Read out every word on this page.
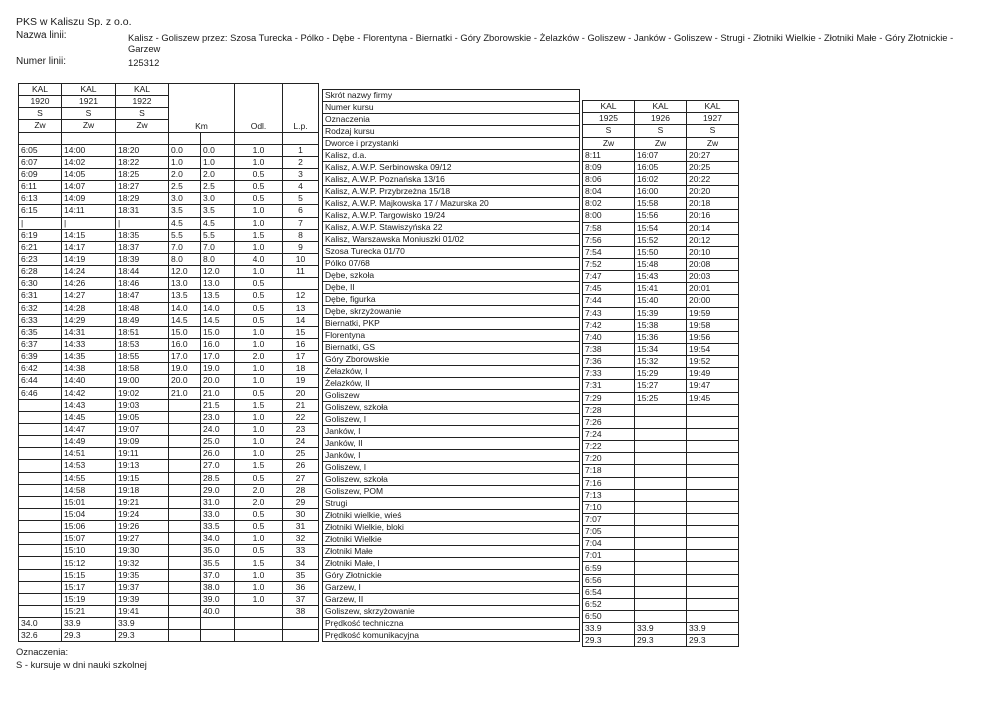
PKS w Kaliszu Sp. z o.o.
Nazwa linii:	Kalisz - Goliszew przez: Szosa Turecka - Pólko - Dębe - Florentyna - Biernatki - Góry Zborowskie - Żelazków - Goliszew - Janków - Goliszew - Strugi - Złotniki Wielkie - Złotniki Małe - Góry Złotnickie - Garzew
Numer linii:	125312
KAL	KAL	KAL	Km		Odl.	L.p.
1920	1921	1922				
S	S	S				
Zw	Zw	Zw				

6:05	14:00	18:20	0.0	0.0	1.0	1
6:07	14:02	18:22	1.0	1.0	1.0	2
6:09	14:05	18:25	2.0	2.0	0.5	3
6:11	14:07	18:27	2.5	2.5	0.5	4
6:13	14:09	18:29	3.0	3.0	0.5	5
6:15	14:11	18:31	3.5	3.5	1.0	6
|	|	|	4.5	4.5	1.0	7
6:19	14:15	18:35	5.5	5.5	1.5	8
6:21	14:17	18:37	7.0	7.0	1.0	9
6:23	14:19	18:39	8.0	8.0	4.0	10
6:28	14:24	18:44	12.0	12.0	1.0	11
6:30	14:26	18:46	13.0	13.0	0.5	
6:31	14:27	18:47	13.5	13.5	0.5	12
6:32	14:28	18:48	14.0	14.0	0.5	13
6:33	14:29	18:49	14.5	14.5	0.5	14
6:35	14:31	18:51	15.0	15.0	1.0	15
6:37	14:33	18:53	16.0	16.0	1.0	16
6:39	14:35	18:55	17.0	17.0	2.0	17
6:42	14:38	18:58	19.0	19.0	1.0	18
6:44	14:40	19:00	20.0	20.0	1.0	19
6:46	14:42	19:02	21.0	21.0	0.5	20
	14:43	19:03		21.5	1.5	21
	14:45	19:05		23.0	1.0	22
	14:47	19:07		24.0	1.0	23
	14:49	19:09		25.0	1.0	24
	14:51	19:11		26.0	1.0	25
	14:53	19:13		27.0	1.5	26
	14:55	19:15		28.5	0.5	27
	14:58	19:18		29.0	2.0	28
	15:01	19:21		31.0	2.0	29
	15:04	19:24		33.0	0.5	30
	15:06	19:26		33.5	0.5	31
	15:07	19:27		34.0	1.0	32
	15:10	19:30		35.0	0.5	33
	15:12	19:32		35.5	1.5	34
	15:15	19:35		37.0	1.0	35
	15:17	19:37		38.0	1.0	36
	15:19	19:39		39.0	1.0	37
	15:21	19:41		40.0		38
34.0	33.9	33.9				
32.6	29.3	29.3				
Skrót nazwy firmy
Numer kursu
Oznaczenia
Rodzaj kursu
Dworce i przystanki
Kalisz, d.a.
Kalisz, A.W.P. Serbinowska 09/12
Kalisz, A.W.P. Poznańska 13/16
Kalisz, A.W.P. Przybrzeżna 15/18
Kalisz, A.W.P. Majkowska 17 / Mazurska 20
Kalisz, A.W.P. Targowisko 19/24
Kalisz, A.W.P. Stawiszyńska 22
Kalisz, Warszawska Moniuszki 01/02
Szosa Turecka 01/70
Pólko 07/68
Dębe, szkoła
Dębe, II
Dębe, figurka
Dębe, skrzyżowanie
Biernatki, PKP
Florentyna
Biernatki, GS
Góry Zborowskie
Żelazków, I
Żelazków, II
Goliszew
Goliszew, szkoła
Goliszew, I
Janków, I
Janków, II
Janków, I
Goliszew, I
Goliszew, szkoła
Goliszew, POM
Strugi
Złotniki wielkie, wieś
Złotniki Wielkie, bloki
Złotniki Wielkie
Złotniki Małe
Złotniki Małe, I
Góry Złotnickie
Garzew, I
Garzew, II
Goliszew, skrzyżowanie
Prędkość techniczna
Prędkość komunikacyjna

KAL	KAL	KAL
1925	1926	1927
S	S	S
Zw	Zw	Zw
8:11	16:07	20:27
8:09	16:05	20:25
8:06	16:02	20:22
8:04	16:00	20:20
8:02	15:58	20:18
8:00	15:56	20:16
7:58	15:54	20:14
7:56	15:52	20:12
7:54	15:50	20:10
7:52	15:48	20:08
7:47	15:43	20:03
7:45	15:41	20:01
7:44	15:40	20:00
7:43	15:39	19:59
7:42	15:38	19:58
7:40	15:36	19:56
7:38	15:34	19:54
7:36	15:32	19:52
7:33	15:29	19:49
7:31	15:27	19:47
7:29	15:25	19:45
7:28		
7:26		
7:24		
7:22		
7:20		
7:18		
7:16		
7:13		
7:10		
7:07		
7:05		
7:04		
7:01		
6:59		
6:56		
6:54		
6:52		
6:50		
33.9	33.9	33.9
29.3	29.3	29.3
Oznaczenia:
S - kursuje w dni nauki szkolnej
